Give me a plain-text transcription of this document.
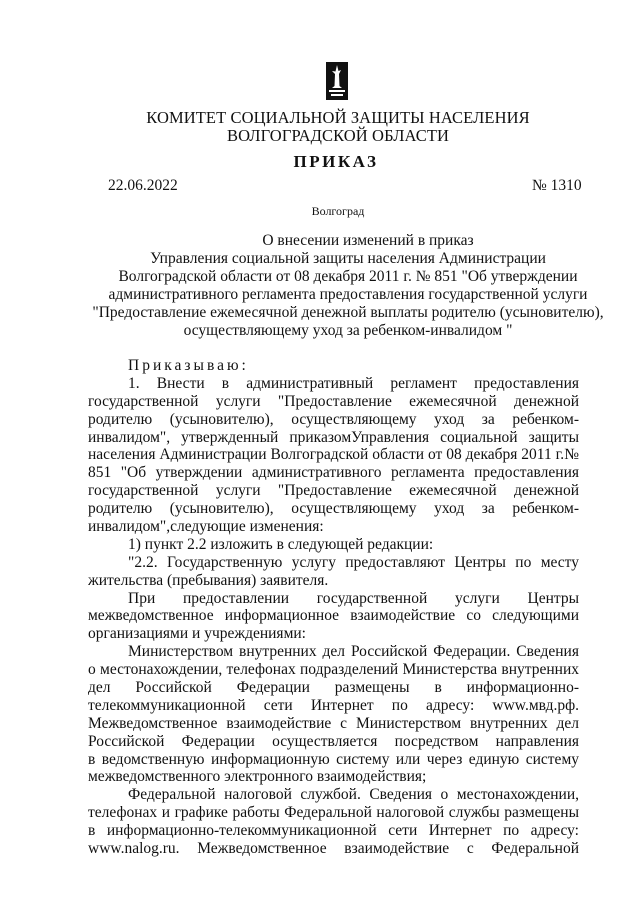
КОМИТЕТ СОЦИАЛЬНОЙ ЗАЩИТЫ НАСЕЛЕНИЯ
ВОЛГОГРАДСКОЙ ОБЛАСТИ
ПРИКАЗ
22.06.2022	№ 1310
Волгоград
О внесении изменений в приказ
Управления социальной защиты населения Администрации
Волгоградской области от 08 декабря 2011 г. № 851 "Об утверждении
административного регламента предоставления государственной услуги
"Предоставление ежемесячной денежной выплаты родителю (усыновителю),
осуществляющему уход за ребенком-инвалидом "
Приказываю:
1. Внести в административный регламент предоставления
государственной услуги "Предоставление ежемесячной денежной
родителю (усыновителю), осуществляющему уход за ребенком-
инвалидом", утвержденный приказомУправления социальной защиты
населения Администрации Волгоградской области от 08 декабря 2011 г.№
851 "Об утверждении административного регламента предоставления
государственной услуги "Предоставление ежемесячной денежной
родителю (усыновителю), осуществляющему уход за ребенком-
инвалидом",следующие изменения:
1) пункт 2.2 изложить в следующей редакции:
"2.2. Государственную услугу предоставляют Центры по месту
жительства (пребывания) заявителя.
При предоставлении государственной услуги Центры
межведомственное информационное взаимодействие со следующими
организациями и учреждениями:
Министерством внутренних дел Российской Федерации. Сведения
о местонахождении, телефонах подразделений Министерства внутренних
дел Российской Федерации размещены в информационно-
телекоммуникационной сети Интернет по адресу: www.мвд.рф.
Межведомственное взаимодействие с Министерством внутренних дел
Российской Федерации осуществляется посредством направления
в ведомственную информационную систему или через единую систему
межведомственного электронного взаимодействия;
Федеральной налоговой службой. Сведения о местонахождении,
телефонах и графике работы Федеральной налоговой службы размещены
в информационно-телекоммуникационной сети Интернет по адресу:
www.nalog.ru. Межведомственное взаимодействие с Федеральной
